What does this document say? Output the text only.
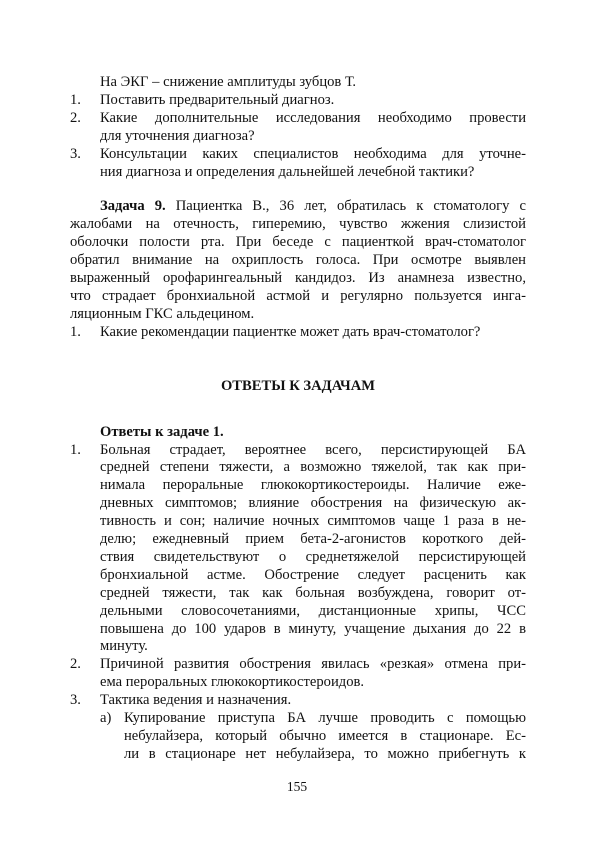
На ЭКГ – снижение амплитуды зубцов Т.

1.	Поставить предварительный диагноз.

2.	Какие дополнительные исследования необходимо провести

для уточнения диагноза?

3.	Консультации каких специалистов необходима для уточне-

ния диагноза и определения дальнейшей лечебной тактики?

Задача 9. Пациентка В., 36 лет, обратилась к стоматологу с

жалобами на отечность, гиперемию, чувство жжения слизистой

оболочки полости рта. При беседе с пациенткой врач-стоматолог

обратил внимание на охриплость голоса. При осмотре выявлен

выраженный орофарингеальный кандидоз. Из анамнеза известно,

что страдает бронхиальной астмой и регулярно пользуется инга-

ляционным ГКС альдецином.

1.	Какие рекомендации пациентке может дать врач-стоматолог?

ОТВЕТЫ К ЗАДАЧАМ

Ответы к задаче 1.

1.	Больная страдает, вероятнее всего, персистирующей БА

средней степени тяжести, а возможно тяжелой, так как при-

нимала пероральные глюкокортикостероиды. Наличие еже-

дневных симптомов; влияние обострения на физическую ак-

тивность и сон; наличие ночных симптомов чаще 1 раза в не-

делю; ежедневный прием бета-2-агонистов короткого дей-

ствия свидетельствуют о среднетяжелой персистирующей

бронхиальной астме. Обострение следует расценить как

средней тяжести, так как больная возбуждена, говорит от-

дельными словосочетаниями, дистанционные хрипы, ЧСС

повышена до 100 ударов в минуту, учащение дыхания до 22 в

минуту.

2.	Причиной развития обострения явилась «резкая» отмена при-

ема пероральных глюкокортикостероидов.

3.	Тактика ведения и назначения.

а) Купирование приступа БА лучше проводить с помощью

небулайзера, который обычно имеется в стационаре. Ес-

ли в стационаре нет небулайзера, то можно прибегнуть к

155
